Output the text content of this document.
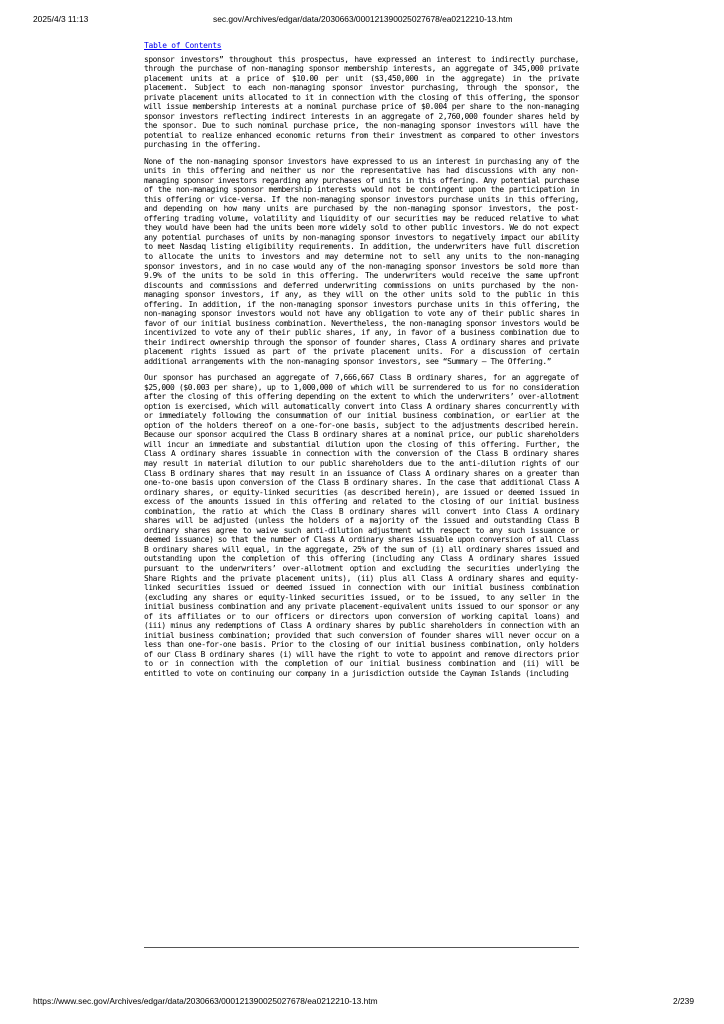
2025/4/3 11:13	sec.gov/Archives/edgar/data/2030663/000121390025027678/ea0212210-13.htm
Table of Contents

sponsor investors” throughout this prospectus, have expressed an interest to indirectly purchase, through the purchase of non-managing sponsor membership interests, an aggregate of 345,000 private placement units at a price of $10.00 per unit ($3,450,000 in the aggregate) in the private placement. Subject to each non-managing sponsor investor purchasing, through the sponsor, the private placement units allocated to it in connection with the closing of this offering, the sponsor will issue membership interests at a nominal purchase price of $0.004 per share to the non-managing sponsor investors reflecting indirect interests in an aggregate of 2,760,000 founder shares held by the sponsor. Due to such nominal purchase price, the non-managing sponsor investors will have the potential to realize enhanced economic returns from their investment as compared to other investors purchasing in the offering.

None of the non-managing sponsor investors have expressed to us an interest in purchasing any of the units in this offering and neither us nor the representative has had discussions with any non-managing sponsor investors regarding any purchases of units in this offering. Any potential purchase of the non-managing sponsor membership interests would not be contingent upon the participation in this offering or vice-versa. If the non-managing sponsor investors purchase units in this offering, and depending on how many units are purchased by the non-managing sponsor investors, the post-offering trading volume, volatility and liquidity of our securities may be reduced relative to what they would have been had the units been more widely sold to other public investors. We do not expect any potential purchases of units by non-managing sponsor investors to negatively impact our ability to meet Nasdaq listing eligibility requirements. In addition, the underwriters have full discretion to allocate the units to investors and may determine not to sell any units to the non-managing sponsor investors, and in no case would any of the non-managing sponsor investors be sold more than 9.9% of the units to be sold in this offering. The underwriters would receive the same upfront discounts and commissions and deferred underwriting commissions on units purchased by the non-managing sponsor investors, if any, as they will on the other units sold to the public in this offering. In addition, if the non-managing sponsor investors purchase units in this offering, the non-managing sponsor investors would not have any obligation to vote any of their public shares in favor of our initial business combination. Nevertheless, the non-managing sponsor investors would be incentivized to vote any of their public shares, if any, in favor of a business combination due to their indirect ownership through the sponsor of founder shares, Class A ordinary shares and private placement rights issued as part of the private placement units. For a discussion of certain additional arrangements with the non-managing sponsor investors, see “Summary — The Offering.”

Our sponsor has purchased an aggregate of 7,666,667 Class B ordinary shares, for an aggregate of $25,000 ($0.003 per share), up to 1,000,000 of which will be surrendered to us for no consideration after the closing of this offering depending on the extent to which the underwriters’ over-allotment option is exercised, which will automatically convert into Class A ordinary shares concurrently with or immediately following the consummation of our initial business combination, or earlier at the option of the holders thereof on a one-for-one basis, subject to the adjustments described herein. Because our sponsor acquired the Class B ordinary shares at a nominal price, our public shareholders will incur an immediate and substantial dilution upon the closing of this offering. Further, the Class A ordinary shares issuable in connection with the conversion of the Class B ordinary shares may result in material dilution to our public shareholders due to the anti-dilution rights of our Class B ordinary shares that may result in an issuance of Class A ordinary shares on a greater than one-to-one basis upon conversion of the Class B ordinary shares. In the case that additional Class A ordinary shares, or equity-linked securities (as described herein), are issued or deemed issued in excess of the amounts issued in this offering and related to the closing of our initial business combination, the ratio at which the Class B ordinary shares will convert into Class A ordinary shares will be adjusted (unless the holders of a majority of the issued and outstanding Class B ordinary shares agree to waive such anti-dilution adjustment with respect to any such issuance or deemed issuance) so that the number of Class A ordinary shares issuable upon conversion of all Class B ordinary shares will equal, in the aggregate, 25% of the sum of (i) all ordinary shares issued and outstanding upon the completion of this offering (including any Class A ordinary shares issued pursuant to the underwriters’ over-allotment option and excluding the securities underlying the Share Rights and the private placement units), (ii) plus all Class A ordinary shares and equity-linked securities issued or deemed issued in connection with our initial business combination (excluding any shares or equity-linked securities issued, or to be issued, to any seller in the initial business combination and any private placement-equivalent units issued to our sponsor or any of its affiliates or to our officers or directors upon conversion of working capital loans) and (iii) minus any redemptions of Class A ordinary shares by public shareholders in connection with an initial business combination; provided that such conversion of founder shares will never occur on a less than one-for-one basis. Prior to the closing of our initial business combination, only holders of our Class B ordinary shares (i) will have the right to vote to appoint and remove directors prior to or in connection with the completion of our initial business combination and (ii) will be entitled to vote on continuing our company in a jurisdiction outside the Cayman Islands (including

https://www.sec.gov/Archives/edgar/data/2030663/000121390025027678/ea0212210-13.htm	2/239
